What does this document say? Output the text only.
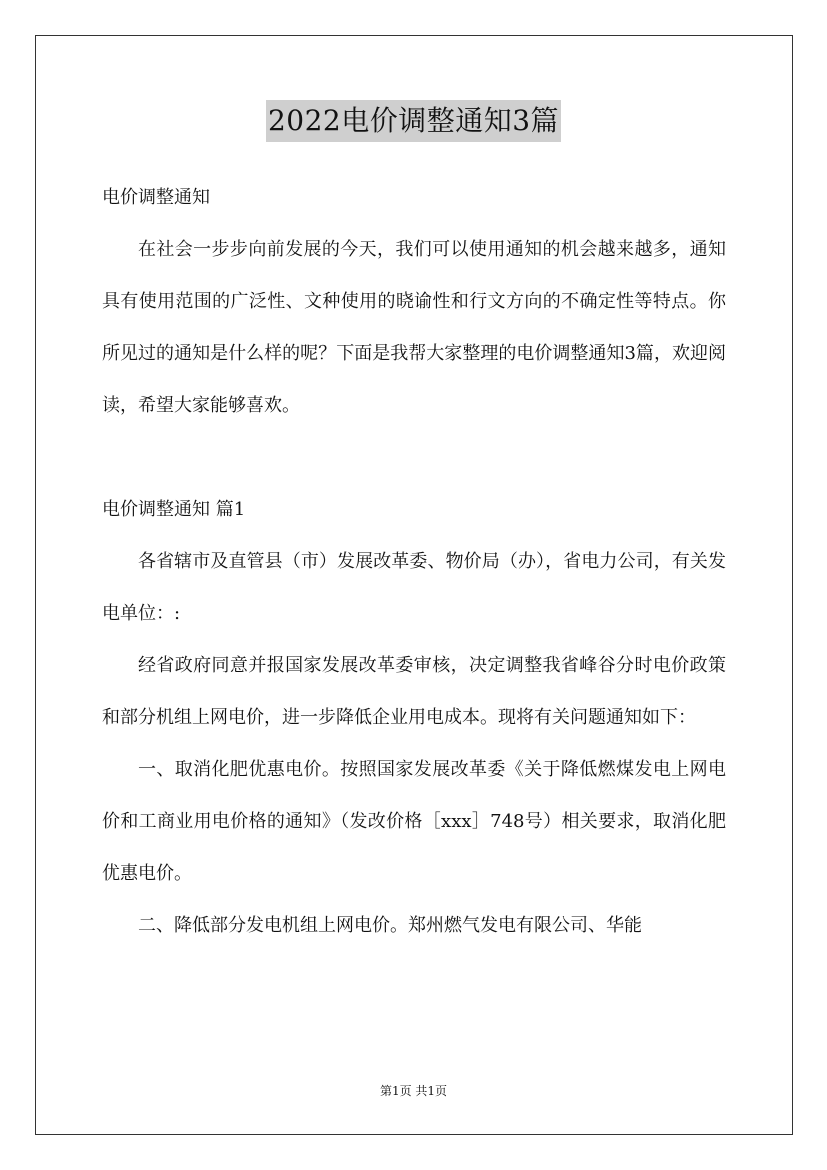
2022电价调整通知3篇

电价调整通知

在社会一步步向前发展的今天，我们可以使用通知的机会越来越多，通知具有使用范围的广泛性、文种使用的晓谕性和行文方向的不确定性等特点。你所见过的通知是什么样的呢？下面是我帮大家整理的电价调整通知3篇，欢迎阅读，希望大家能够喜欢。

电价调整通知 篇1

各省辖市及直管县（市）发展改革委、物价局（办），省电力公司，有关发电单位：:

经省政府同意并报国家发展改革委审核，决定调整我省峰谷分时电价政策和部分机组上网电价，进一步降低企业用电成本。现将有关问题通知如下：

一、取消化肥优惠电价。按照国家发展改革委《关于降低燃煤发电上网电价和工商业用电价格的通知》（发改价格［xxx］748号）相关要求，取消化肥优惠电价。

二、降低部分发电机组上网电价。郑州燃气发电有限公司、华能

第1页 共1页
